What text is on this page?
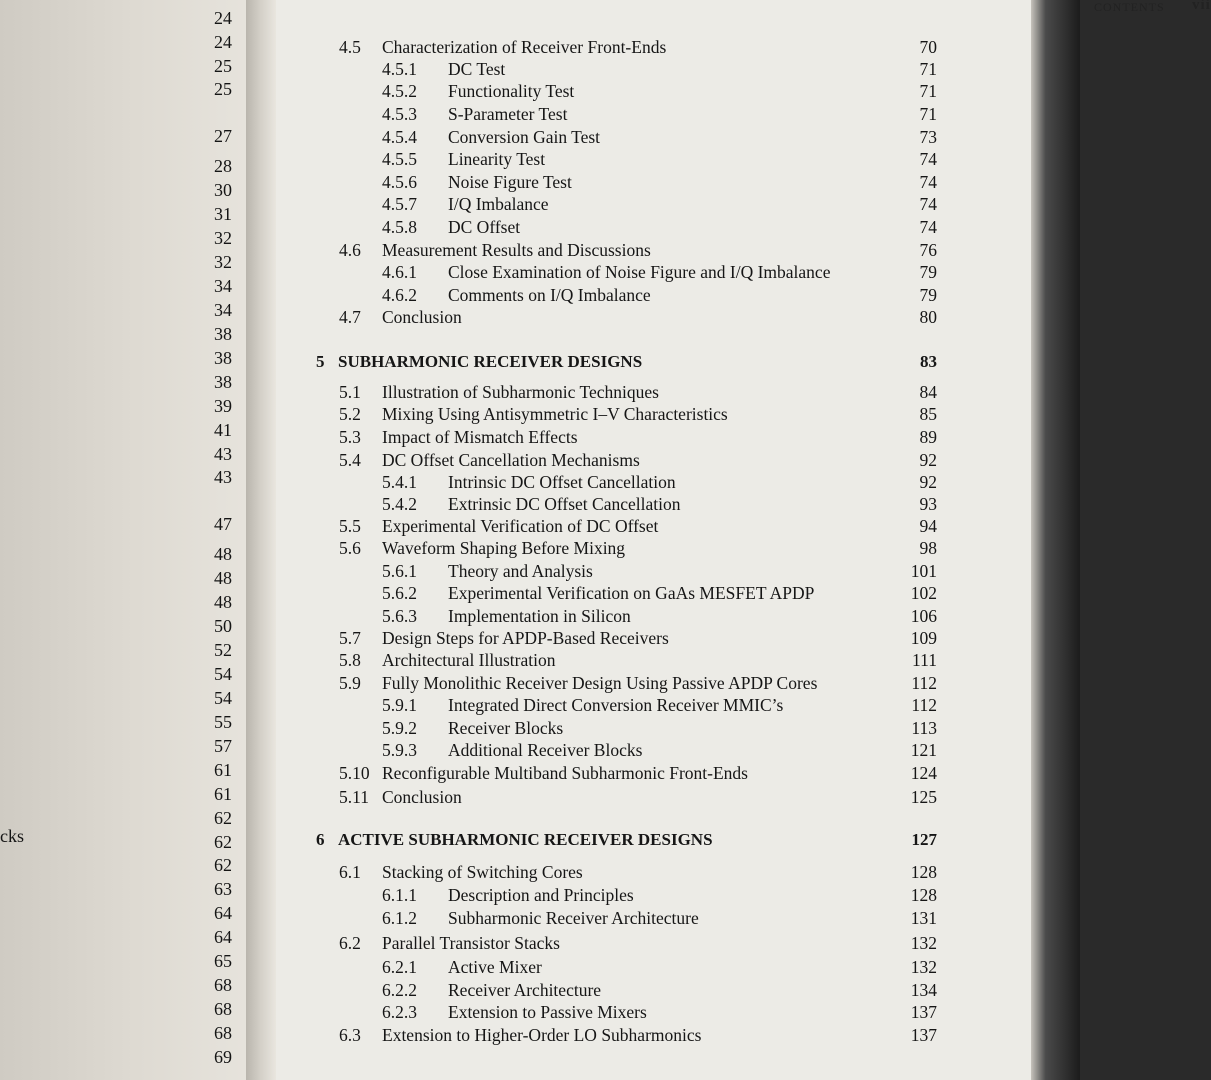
24
24
25
25
27
28
30
31
32
32
34
34
38
38
38
39
41
43
43
47
48
48
48
50
52
54
54
55
57
61
61
62
62
62
63
64
64
65
68
68
68
69
cks
CONTENTS vii
4.5 Characterization of Receiver Front-Ends	70
4.5.1 DC Test	71
4.5.2 Functionality Test	71
4.5.3 S-Parameter Test	71
4.5.4 Conversion Gain Test	73
4.5.5 Linearity Test	74
4.5.6 Noise Figure Test	74
4.5.7 I/Q Imbalance	74
4.5.8 DC Offset	74
4.6 Measurement Results and Discussions	76
4.6.1 Close Examination of Noise Figure and I/Q Imbalance	79
4.6.2 Comments on I/Q Imbalance	79
4.7 Conclusion	80
5 SUBHARMONIC RECEIVER DESIGNS	83
5.1 Illustration of Subharmonic Techniques	84
5.2 Mixing Using Antisymmetric I–V Characteristics	85
5.3 Impact of Mismatch Effects	89
5.4 DC Offset Cancellation Mechanisms	92
5.4.1 Intrinsic DC Offset Cancellation	92
5.4.2 Extrinsic DC Offset Cancellation	93
5.5 Experimental Verification of DC Offset	94
5.6 Waveform Shaping Before Mixing	98
5.6.1 Theory and Analysis	101
5.6.2 Experimental Verification on GaAs MESFET APDP	102
5.6.3 Implementation in Silicon	106
5.7 Design Steps for APDP-Based Receivers	109
5.8 Architectural Illustration	111
5.9 Fully Monolithic Receiver Design Using Passive APDP Cores	112
5.9.1 Integrated Direct Conversion Receiver MMIC’s	112
5.9.2 Receiver Blocks	113
5.9.3 Additional Receiver Blocks	121
5.10 Reconfigurable Multiband Subharmonic Front-Ends	124
5.11 Conclusion	125
6 ACTIVE SUBHARMONIC RECEIVER DESIGNS	127
6.1 Stacking of Switching Cores	128
6.1.1 Description and Principles	128
6.1.2 Subharmonic Receiver Architecture	131
6.2 Parallel Transistor Stacks	132
6.2.1 Active Mixer	132
6.2.2 Receiver Architecture	134
6.2.3 Extension to Passive Mixers	137
6.3 Extension to Higher-Order LO Subharmonics	137
